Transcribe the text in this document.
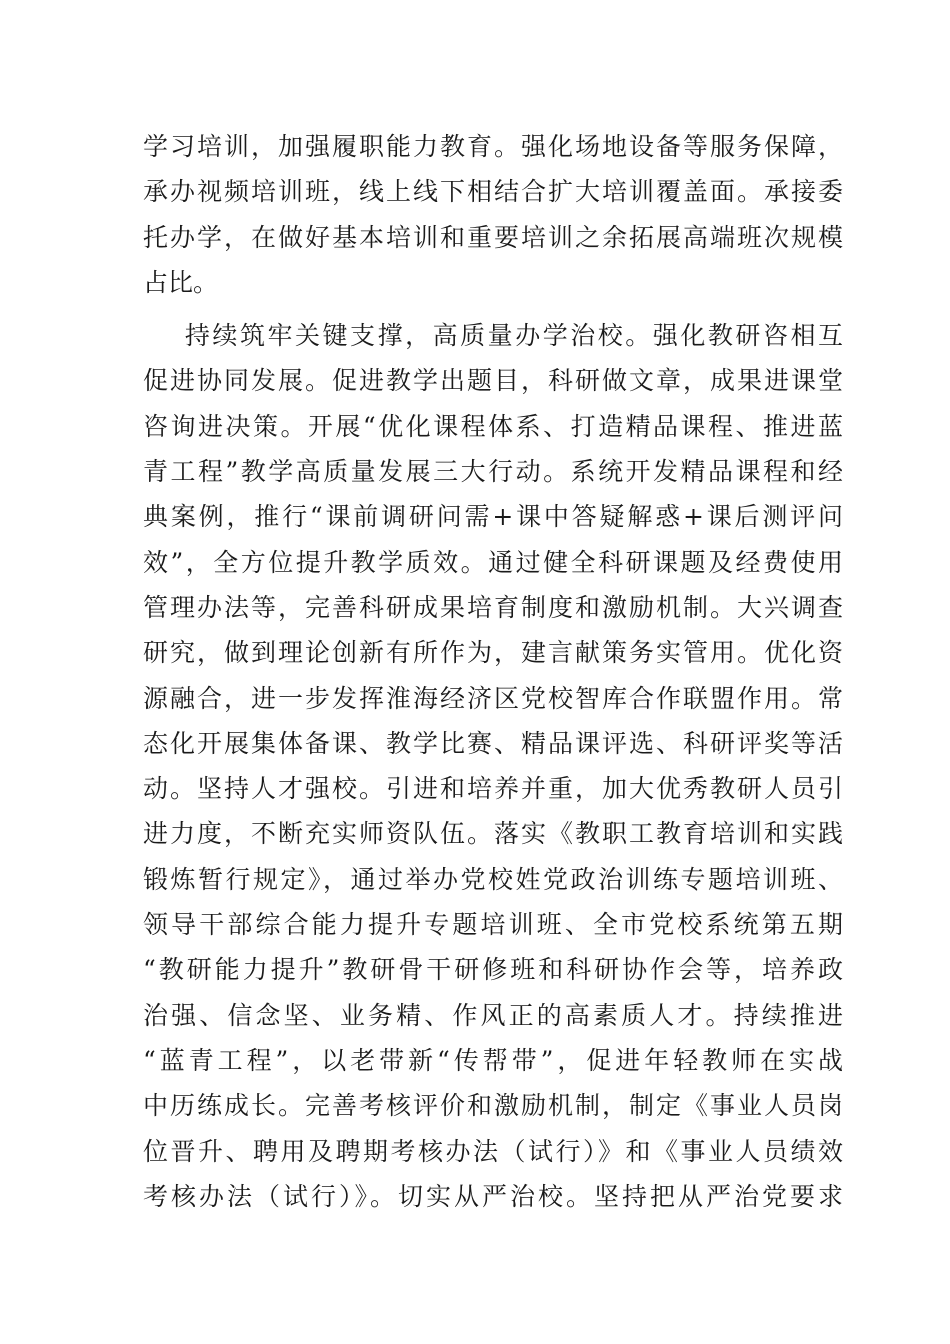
学习培训，加强履职能力教育。强化场地设备等服务保障，
承办视频培训班，线上线下相结合扩大培训覆盖面。承接委
托办学，在做好基本培训和重要培训之余拓展高端班次规模
占比。
持续筑牢关键支撑，高质量办学治校。强化教研咨相互
促进协同发展。促进教学出题目，科研做文章，成果进课堂
咨询进决策。开展“优化课程体系、打造精品课程、推进蓝
青工程”教学高质量发展三大行动。系统开发精品课程和经
典案例，推行“课前调研问需+课中答疑解惑+课后测评问
效”，全方位提升教学质效。通过健全科研课题及经费使用
管理办法等，完善科研成果培育制度和激励机制。大兴调查
研究，做到理论创新有所作为，建言献策务实管用。优化资
源融合，进一步发挥淮海经济区党校智库合作联盟作用。常
态化开展集体备课、教学比赛、精品课评选、科研评奖等活
动。坚持人才强校。引进和培养并重，加大优秀教研人员引
进力度，不断充实师资队伍。落实《教职工教育培训和实践
锻炼暂行规定》，通过举办党校姓党政治训练专题培训班、
领导干部综合能力提升专题培训班、全市党校系统第五期
“教研能力提升”教研骨干研修班和科研协作会等，培养政
治强、信念坚、业务精、作风正的高素质人才。持续推进
“蓝青工程”，以老带新“传帮带”，促进年轻教师在实战
中历练成长。完善考核评价和激励机制，制定《事业人员岗
位晋升、聘用及聘期考核办法（试行）》和《事业人员绩效
考核办法（试行）》。切实从严治校。坚持把从严治党要求
